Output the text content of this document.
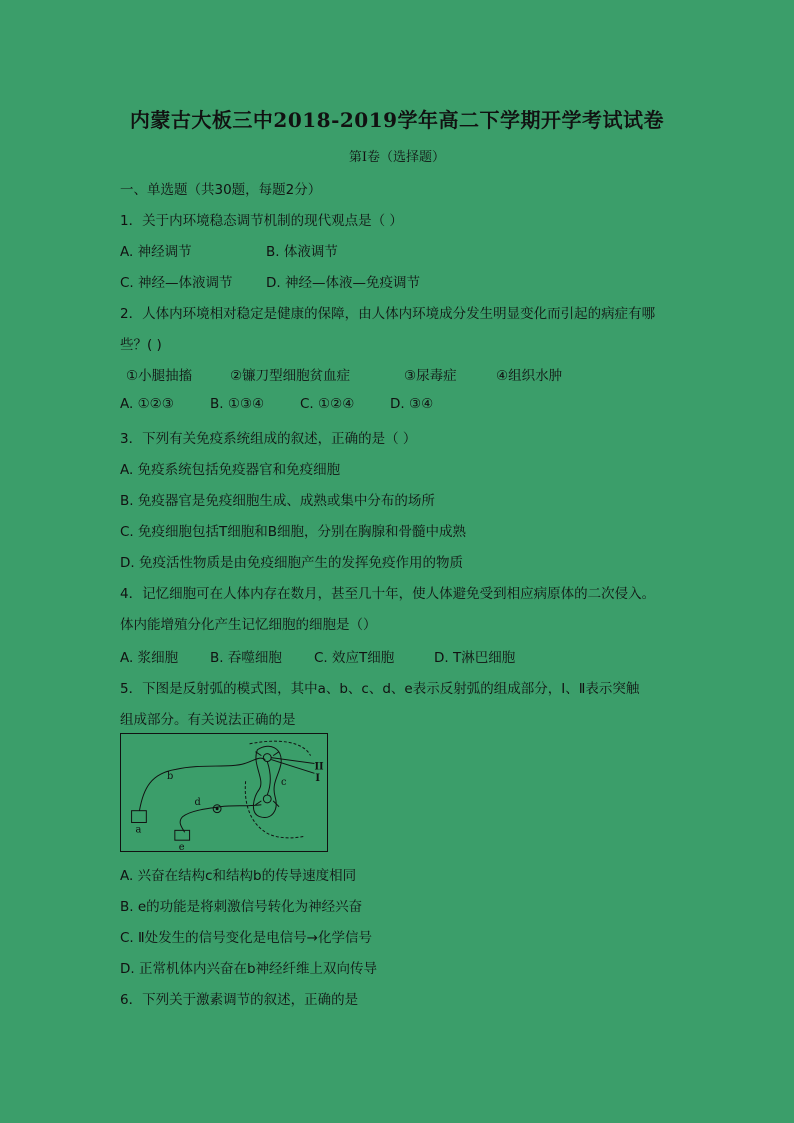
内蒙古大板三中2018-2019学年高二下学期开学考试试卷
第Ⅰ卷（选择题）
一、单选题（共30题，每题2分）
1．关于内环境稳态调节机制的现代观点是（ ）
A. 神经调节	B. 体液调节
C. 神经—体液调节 D. 神经—体液—免疫调节
2．人体内环境相对稳定是健康的保障，由人体内环境成分发生明显变化而引起的病症有哪
些？( )
①小腿抽搐	②镰刀型细胞贫血症	③尿毒症	④组织水肿
A. ①②③	B. ①③④	C. ①②④	D. ③④
3．下列有关免疫系统组成的叙述，正确的是（ ）
A. 免疫系统包括免疫器官和免疫细胞
B. 免疫器官是免疫细胞生成、成熟或集中分布的场所
C. 免疫细胞包括T细胞和B细胞，分别在胸腺和骨髓中成熟
D. 免疫活性物质是由免疫细胞产生的发挥免疫作用的物质
4．记忆细胞可在人体内存在数月，甚至几十年，使人体避免受到相应病原体的二次侵入。
体内能增殖分化产生记忆细胞的细胞是（）
A. 浆细胞 B. 吞噬细胞 C. 效应T细胞	D. T淋巴细胞
5．下图是反射弧的模式图，其中a、b、c、d、e表示反射弧的组成部分，Ⅰ、Ⅱ表示突触
组成部分。有关说法正确的是
a
b
c
d
e
II
I
A. 兴奋在结构c和结构b的传导速度相同
B. e的功能是将刺激信号转化为神经兴奋
C. Ⅱ处发生的信号变化是电信号→化学信号
D. 正常机体内兴奋在b神经纤维上双向传导
6．下列关于激素调节的叙述，正确的是
